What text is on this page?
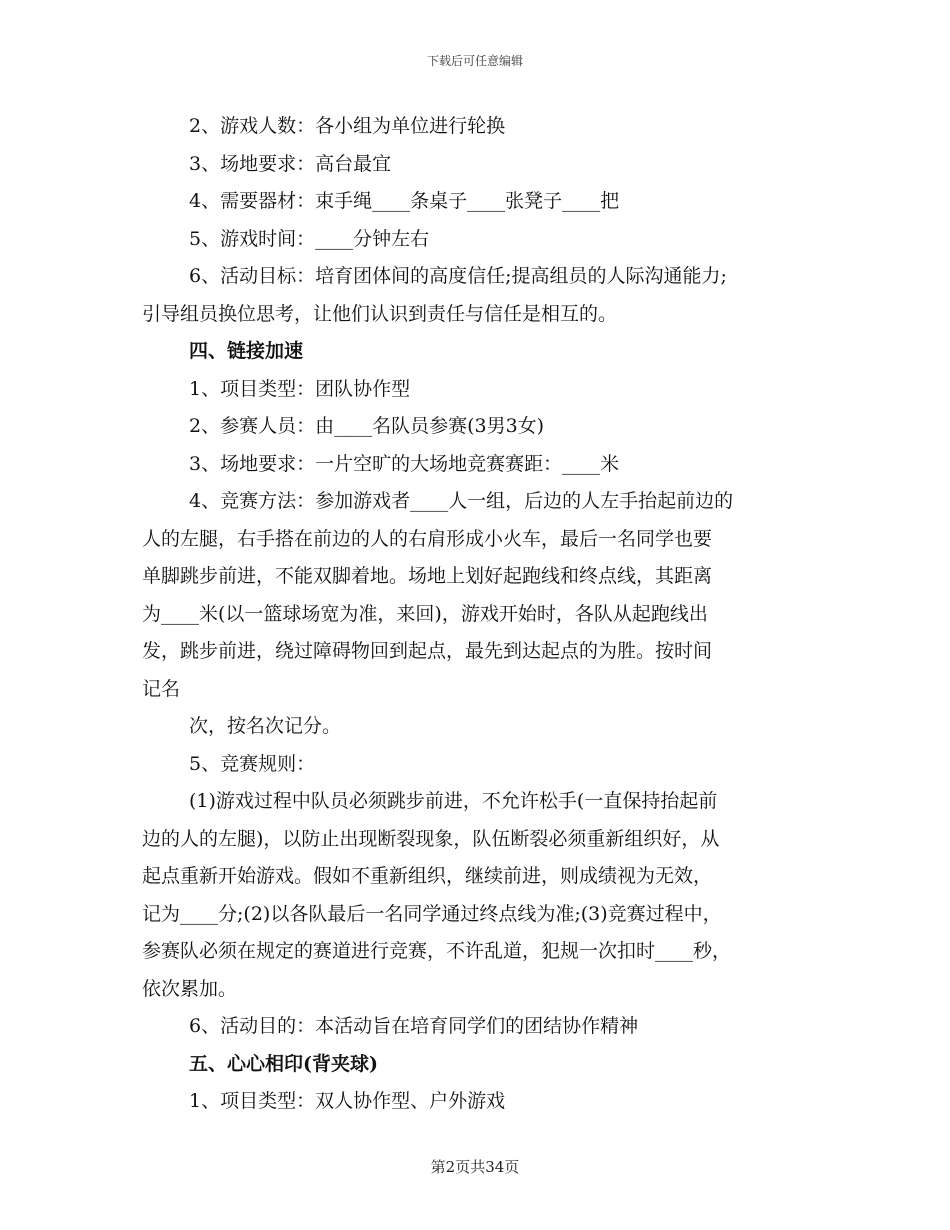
下载后可任意编辑

2、游戏人数：各小组为单位进行轮换

3、场地要求：高台最宜

4、需要器材：束手绳____条桌子____张凳子____把

5、游戏时间：____分钟左右

6、活动目标：培育团体间的高度信任;提高组员的人际沟通能力;

引导组员换位思考，让他们认识到责任与信任是相互的。

四、链接加速

1、项目类型：团队协作型

2、参赛人员：由____名队员参赛(3男3女)

3、场地要求：一片空旷的大场地竞赛赛距：____米

4、竞赛方法：参加游戏者____人一组，后边的人左手抬起前边的

人的左腿，右手搭在前边的人的右肩形成小火车，最后一名同学也要

单脚跳步前进，不能双脚着地。场地上划好起跑线和终点线，其距离

为____米(以一篮球场宽为准，来回)，游戏开始时，各队从起跑线出

发，跳步前进，绕过障碍物回到起点，最先到达起点的为胜。按时间

记名

次，按名次记分。

5、竞赛规则：

(1)游戏过程中队员必须跳步前进，不允许松手(一直保持抬起前

边的人的左腿)，以防止出现断裂现象，队伍断裂必须重新组织好，从

起点重新开始游戏。假如不重新组织，继续前进，则成绩视为无效，

记为____分;(2)以各队最后一名同学通过终点线为准;(3)竞赛过程中，

参赛队必须在规定的赛道进行竞赛，不许乱道，犯规一次扣时____秒，

依次累加。

6、活动目的：本活动旨在培育同学们的团结协作精神

五、心心相印(背夹球)

1、项目类型：双人协作型、户外游戏

第2页共34页
